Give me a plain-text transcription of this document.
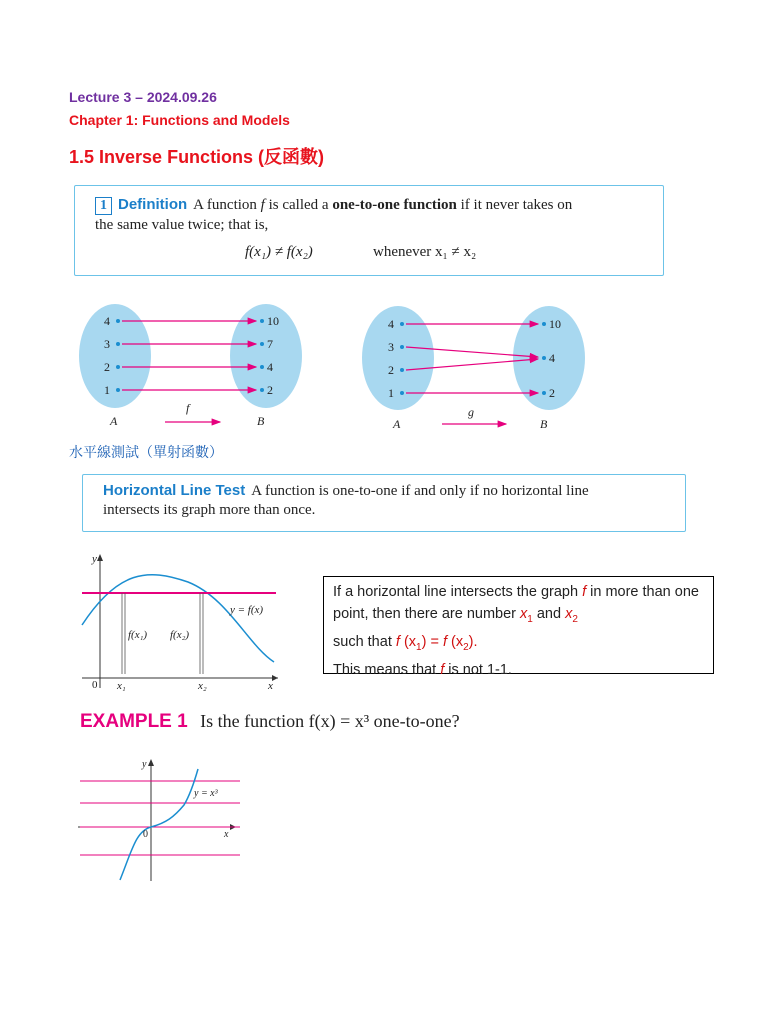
Lecture 3 – 2024.09.26
Chapter 1: Functions and Models
1.5 Inverse Functions (反函數)
1 Definition A function f is called a one-to-one function if it never takes on
the same value twice; that is,
f(x₁) ≠ f(x₂)	whenever x₁ ≠ x₂
4
3
2
1
10
7
4
2
A	B
f
4
3
2
1
10
4
2
A	B
g
水平線測試（單射函數）
Horizontal Line Test A function is one-to-one if and only if no horizontal line
intersects its graph more than once.
y
x
0 x₁	x₂
f(x₁) f(x₂)
y = f(x)
If a horizontal line intersects the graph f in more than one point, then there are number $x_1$ and $x_2$
such that f $(x_1) = f$ $(x_2)$.
This means that f is not 1-1.
EXAMPLE 1 Is the function f(x) = x³ one-to-one?
y
x
0
y = x³
